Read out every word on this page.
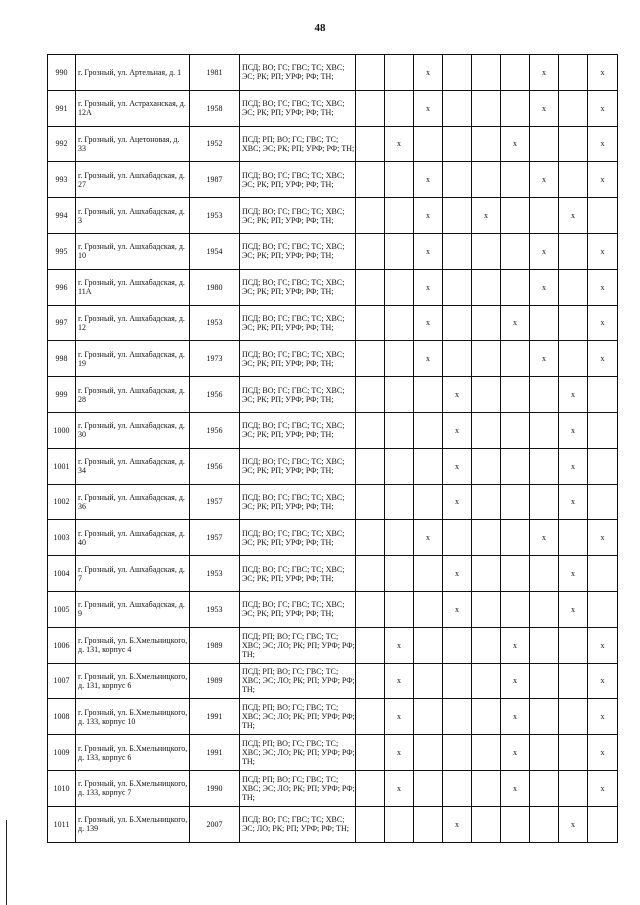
48
990	г. Грозный, ул. Артельная, д. 1	1981	ПСД; ВО; ГС; ГВС; ТС; ХВС; ЭС; РК; РП; УРФ; РФ; ТН;			x				x		x
991	г. Грозный, ул. Астраханская, д. 12А	1958	ПСД; ВО; ГС; ГВС; ТС; ХВС; ЭС; РК; РП; УРФ; РФ; ТН;			x				x		x
992	г. Грозный, ул. Ацетоновая, д. 33	1952	ПСД; РП; ВО; ГС; ГВС; ТС; ХВС; ЭС; РК; РП; УРФ; РФ; ТН;		x				x			x
993	г. Грозный, ул. Ашхабадская, д. 27	1987	ПСД; ВО; ГС; ГВС; ТС; ХВС; ЭС; РК; РП; УРФ; РФ; ТН;			x				x		x
994	г. Грозный, ул. Ашхабадская, д. 3	1953	ПСД; ВО; ГС; ГВС; ТС; ХВС; ЭС; РК; РП; УРФ; РФ; ТН;			x		x			x	
995	г. Грозный, ул. Ашхабадская, д. 10	1954	ПСД; ВО; ГС; ГВС; ТС; ХВС; ЭС; РК; РП; УРФ; РФ; ТН;			x				x		x
996	г. Грозный, ул. Ашхабадская, д. 11А	1980	ПСД; ВО; ГС; ГВС; ТС; ХВС; ЭС; РК; РП; УРФ; РФ; ТН;			x				x		x
997	г. Грозный, ул. Ашхабадская, д. 12	1953	ПСД; ВО; ГС; ГВС; ТС; ХВС; ЭС; РК; РП; УРФ; РФ; ТН;			x			x			x
998	г. Грозный, ул. Ашхабадская, д. 19	1973	ПСД; ВО; ГС; ГВС; ТС; ХВС; ЭС; РК; РП; УРФ; РФ; ТН;			x				x		x
999	г. Грозный, ул. Ашхабадская, д. 28	1956	ПСД; ВО; ГС; ГВС; ТС; ХВС; ЭС; РК; РП; УРФ; РФ; ТН;				x				x	
1000	г. Грозный, ул. Ашхабадская, д. 30	1956	ПСД; ВО; ГС; ГВС; ТС; ХВС; ЭС; РК; РП; УРФ; РФ; ТН;				x				x	
1001	г. Грозный, ул. Ашхабадская, д. 34	1956	ПСД; ВО; ГС; ГВС; ТС; ХВС; ЭС; РК; РП; УРФ; РФ; ТН;				x				x	
1002	г. Грозный, ул. Ашхабадская, д. 36	1957	ПСД; ВО; ГС; ГВС; ТС; ХВС; ЭС; РК; РП; УРФ; РФ; ТН;				x				x	
1003	г. Грозный, ул. Ашхабадская, д. 40	1957	ПСД; ВО; ГС; ГВС; ТС; ХВС; ЭС; РК; РП; УРФ; РФ; ТН;			x				x		x
1004	г. Грозный, ул. Ашхабадская, д. 7	1953	ПСД; ВО; ГС; ГВС; ТС; ХВС; ЭС; РК; РП; УРФ; РФ; ТН;				x				x	
1005	г. Грозный, ул. Ашхабадская, д. 9	1953	ПСД; ВО; ГС; ГВС; ТС; ХВС; ЭС; РК; РП; УРФ; РФ; ТН;				x				x	
1006	г. Грозный, ул. Б.Хмельницкого, д. 131, корпус 4	1989	ПСД; РП; ВО; ГС; ГВС; ТС; ХВС; ЭС; ЛО; РК; РП; УРФ; РФ; ТН;		x				x			x
1007	г. Грозный, ул. Б.Хмельницкого, д. 131, корпус 6	1989	ПСД; РП; ВО; ГС; ГВС; ТС; ХВС; ЭС; ЛО; РК; РП; УРФ; РФ; ТН;		x				x			x
1008	г. Грозный, ул. Б.Хмельницкого, д. 133, корпус 10	1991	ПСД; РП; ВО; ГС; ГВС; ТС; ХВС; ЭС; ЛО; РК; РП; УРФ; РФ; ТН;		x				x			x
1009	г. Грозный, ул. Б.Хмельницкого, д. 133, корпус 6	1991	ПСД; РП; ВО; ГС; ГВС; ТС; ХВС; ЭС; ЛО; РК; РП; УРФ; РФ; ТН;		x				x			x
1010	г. Грозный, ул. Б.Хмельницкого, д. 133, корпус 7	1990	ПСД; РП; ВО; ГС; ГВС; ТС; ХВС; ЭС; ЛО; РК; РП; УРФ; РФ; ТН;		x				x			x
1011	г. Грозный, ул. Б.Хмельницкого, д. 139	2007	ПСД; ВО; ГС; ГВС; ТС; ХВС; ЭС; ЛО; РК; РП; УРФ; РФ; ТН;				x				x	
